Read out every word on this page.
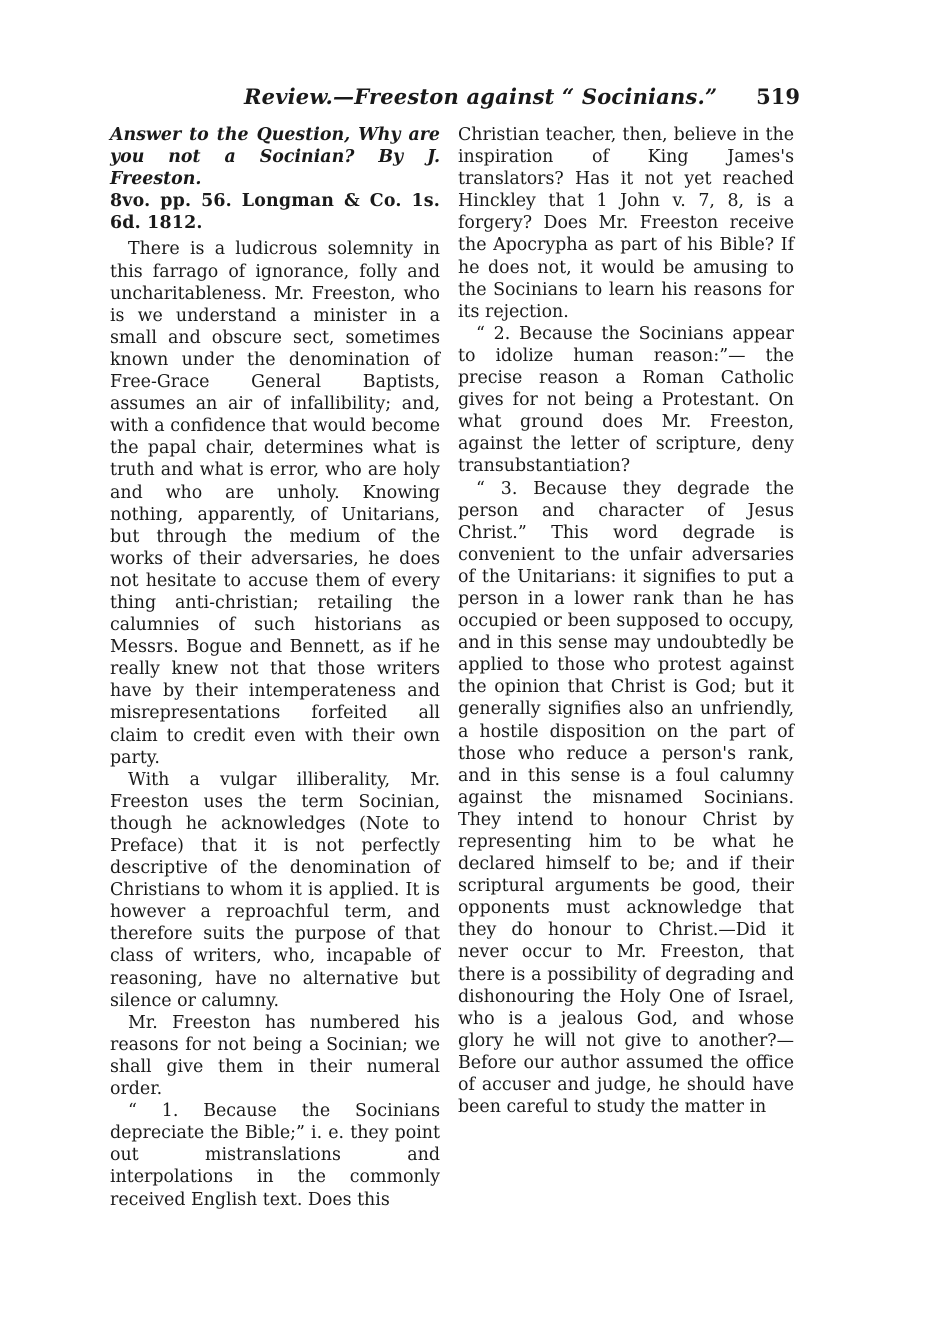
Review.—Freeston against “ Socinians.” 519

Answer to the Question, Why are you not a Socinian? By J. Freeston.

8vo. pp. 56. Longman & Co. 1s. 6d. 1812.

There is a ludicrous solemnity in this farrago of ignorance, folly and uncharitableness. Mr. Freeston, who is we understand a minister in a small and obscure sect, sometimes known under the denomination of Free-Grace General Baptists, assumes an air of infallibility; and, with a confidence that would become the papal chair, determines what is truth and what is error, who are holy and who are unholy. Knowing nothing, apparently, of Unitarians, but through the medium of the works of their adversaries, he does not hesitate to accuse them of every thing anti-christian; retailing the calumnies of such historians as Messrs. Bogue and Bennett, as if he really knew not that those writers have by their intemperateness and misrepresentations forfeited all claim to credit even with their own party.

With a vulgar illiberality, Mr. Freeston uses the term Socinian, though he acknowledges (Note to Preface) that it is not perfectly descriptive of the denomination of Christians to whom it is applied. It is however a reproachful term, and therefore suits the purpose of that class of writers, who, incapable of reasoning, have no alternative but silence or calumny.

Mr. Freeston has numbered his reasons for not being a Socinian; we shall give them in their numeral order.

“ 1. Because the Socinians depreciate the Bible;” i. e. they point out mistranslations and interpolations in the commonly received English text. Does this

Christian teacher, then, believe in the inspiration of King James's translators? Has it not yet reached Hinckley that 1 John v. 7, 8, is a forgery? Does Mr. Freeston receive the Apocrypha as part of his Bible? If he does not, it would be amusing to the Socinians to learn his reasons for its rejection.

“ 2. Because the Socinians appear to idolize human reason:”— the precise reason a Roman Catholic gives for not being a Protestant. On what ground does Mr. Freeston, against the letter of scripture, deny transubstantiation?

“ 3. Because they degrade the person and character of Jesus Christ.” This word degrade is convenient to the unfair adversaries of the Unitarians: it signifies to put a person in a lower rank than he has occupied or been supposed to occupy, and in this sense may undoubtedly be applied to those who protest against the opinion that Christ is God; but it generally signifies also an unfriendly, a hostile disposition on the part of those who reduce a person's rank, and in this sense is a foul calumny against the misnamed Socinians. They intend to honour Christ by representing him to be what he declared himself to be; and if their scriptural arguments be good, their opponents must acknowledge that they do honour to Christ.—Did it never occur to Mr. Freeston, that there is a possibility of degrading and dishonouring the Holy One of Israel, who is a jealous God, and whose glory he will not give to another?—Before our author assumed the office of accuser and judge, he should have been careful to study the matter in
